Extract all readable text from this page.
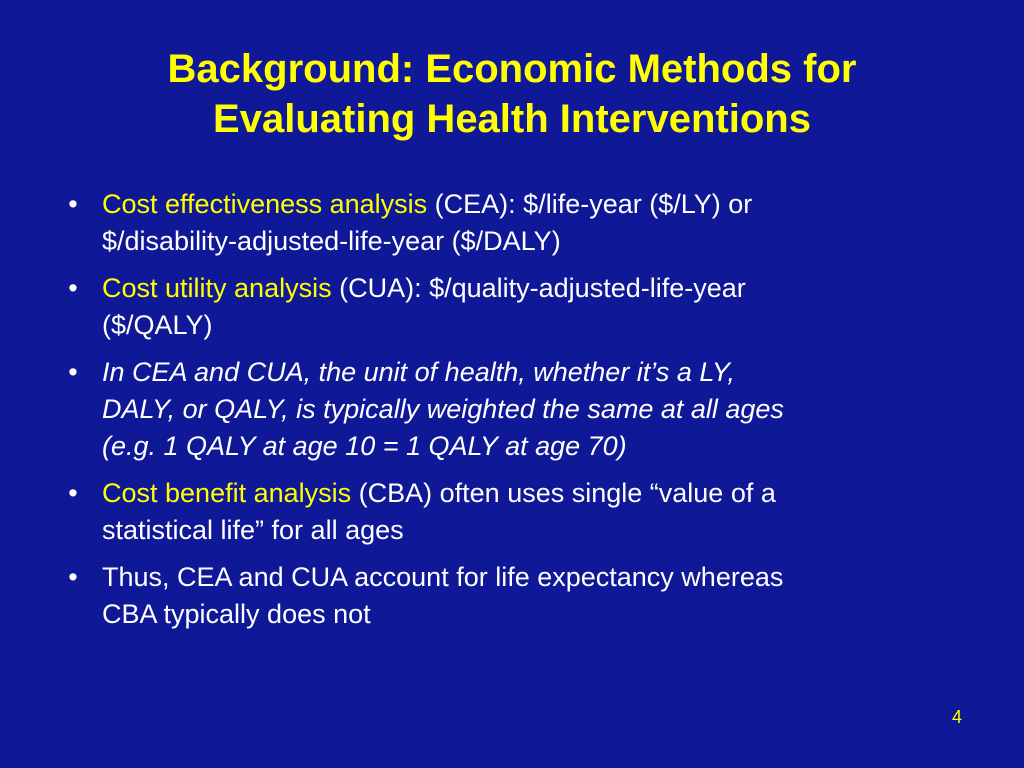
Background: Economic Methods for
Evaluating Health Interventions
• Cost effectiveness analysis (CEA): $/life-year ($/LY) or
$/disability-adjusted-life-year ($/DALY)
• Cost utility analysis (CUA): $/quality-adjusted-life-year
($/QALY)
• In CEA and CUA, the unit of health, whether it’s a LY,
DALY, or QALY, is typically weighted the same at all ages
(e.g. 1 QALY at age 10 = 1 QALY at age 70)
• Cost benefit analysis (CBA) often uses single “value of a
statistical life” for all ages
• Thus, CEA and CUA account for life expectancy whereas
CBA typically does not
4
